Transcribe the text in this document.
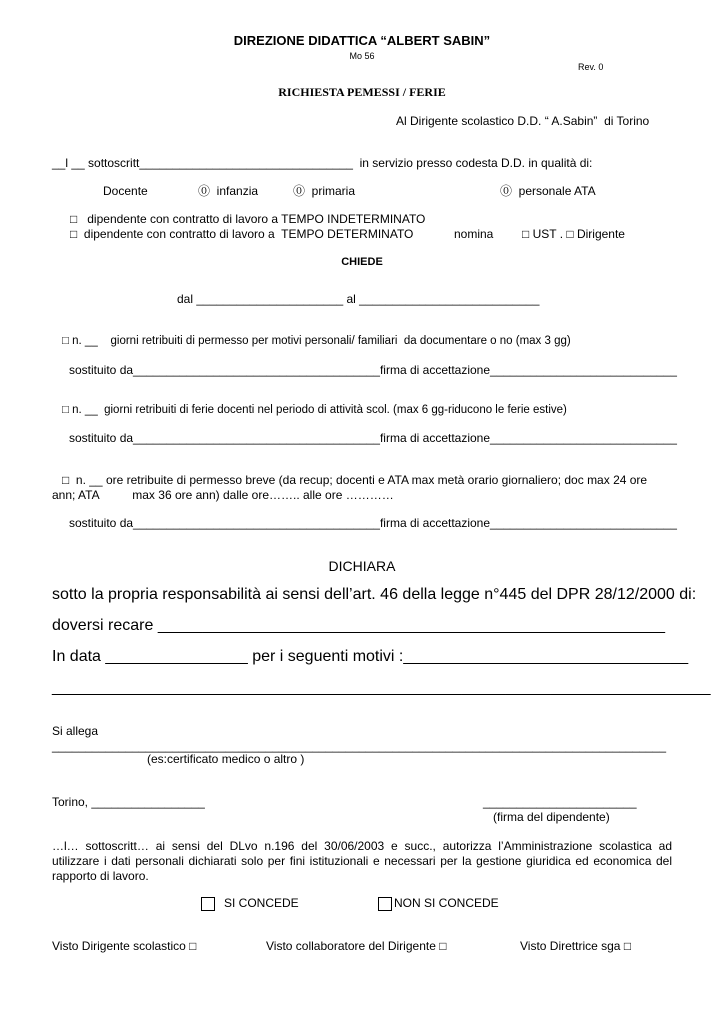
DIREZIONE DIDATTICA “ALBERT SABIN”
Mo 56
Rev. 0
RICHIESTA PEMESSI / FERIE
Al Dirigente scolastico D.D. “ A.Sabin”  di Torino
__l __ sottoscritt________________________________  in servizio presso codesta D.D. in qualità di:
Docente	⓪  infanzia	⓪  primaria	⓪  personale ATA
□   dipendente con contratto di lavoro a TEMPO INDETERMINATO
□  dipendente con contratto di lavoro a  TEMPO DETERMINATO	nomina □ UST . □ Dirigente
CHIEDE
dal ______________________ al ___________________________
□ n. __    giorni retribuiti di permesso per motivi personali/ familiari  da documentare o no (max 3 gg)
sostituito da_____________________________________firma di accettazione____________________________
□ n. __  giorni retribuiti di ferie docenti nel periodo di attività scol. (max 6 gg-riducono le ferie estive)
sostituito da_____________________________________firma di accettazione____________________________
□  n. __ ore retribuite di permesso breve (da recup; docenti e ATA max metà orario giornaliero; doc max 24 ore
ann; ATA          max 36 ore ann) dalle ore…….. alle ore …………
sostituito da_____________________________________firma di accettazione____________________________
DICHIARA
sotto la propria responsabilità ai sensi dell’art. 46 della legge n°445 del DPR 28/12/2000 di:
doversi recare _________________________________________________________
In data ________________ per i seguenti motivi :________________________________
__________________________________________________________________________
Si allega
____________________________________________________________________________________________
(es:certificato medico o altro )
Torino, _________________	_______________________
(firma del dipendente)
…l… sottoscritt… ai sensi del DLvo n.196 del 30/06/2003 e succ., autorizza l’Amministrazione scolastica ad utilizzare i dati personali dichiarati solo per fini istituzionali e necessari per la gestione giuridica ed economica del rapporto di lavoro.
SI CONCEDE	NON SI CONCEDE
Visto Dirigente scolastico □	Visto collaboratore del Dirigente □	Visto Direttrice sga □
